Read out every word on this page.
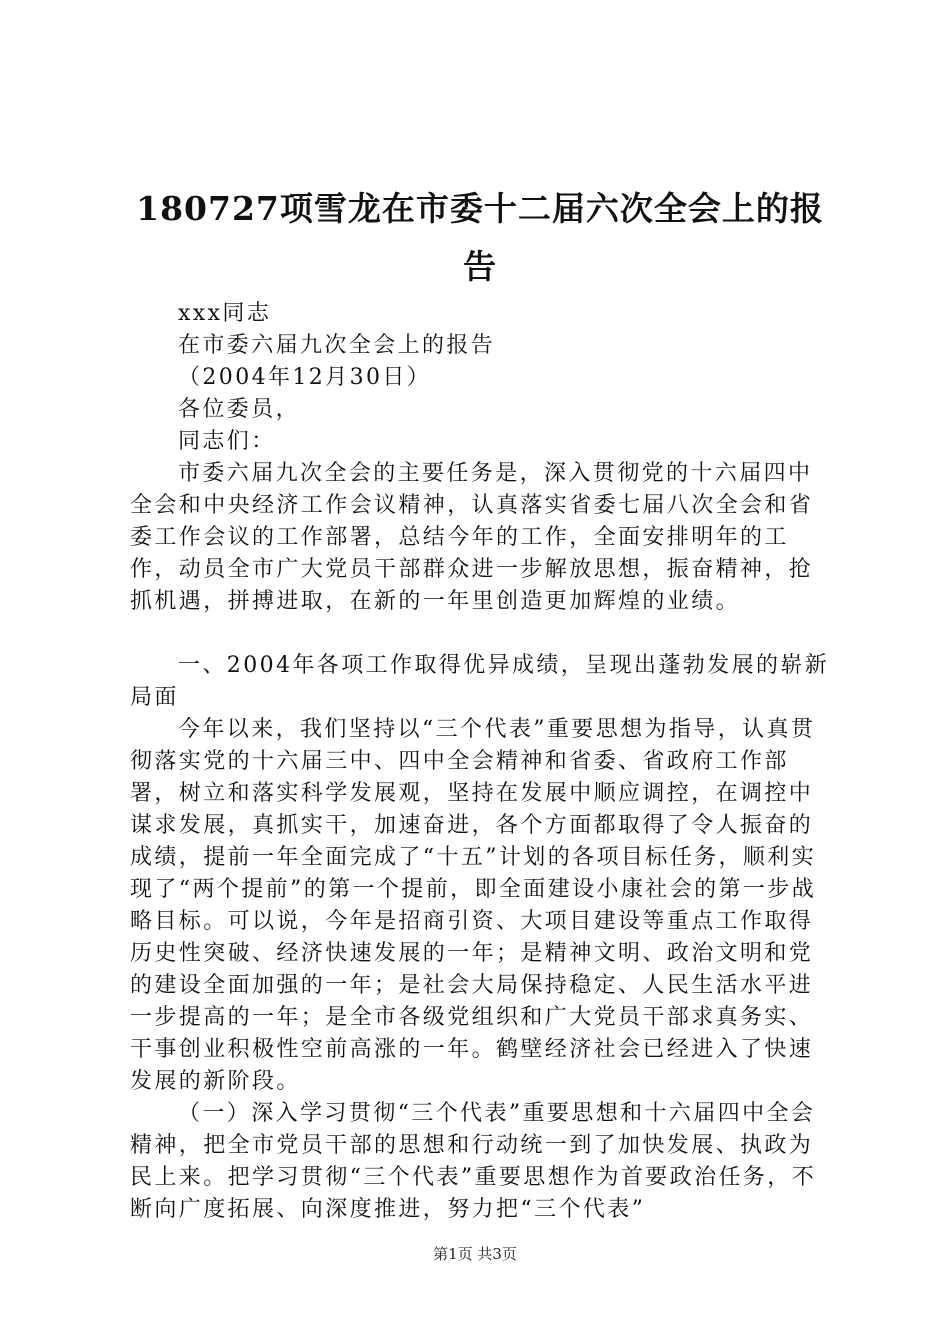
180727项雪龙在市委十二届六次全会上的报告

xxx同志

在市委六届九次全会上的报告

（2004年12月30日）

各位委员，

同志们：

市委六届九次全会的主要任务是，深入贯彻党的十六届四中全会和中央经济工作会议精神，认真落实省委七届八次全会和省委工作会议的工作部署，总结今年的工作，全面安排明年的工作，动员全市广大党员干部群众进一步解放思想，振奋精神，抢抓机遇，拼搏进取，在新的一年里创造更加辉煌的业绩。

一、2004年各项工作取得优异成绩，呈现出蓬勃发展的崭新局面

今年以来，我们坚持以“三个代表”重要思想为指导，认真贯彻落实党的十六届三中、四中全会精神和省委、省政府工作部署，树立和落实科学发展观，坚持在发展中顺应调控，在调控中谋求发展，真抓实干，加速奋进，各个方面都取得了令人振奋的成绩，提前一年全面完成了“十五”计划的各项目标任务，顺利实现了“两个提前”的第一个提前，即全面建设小康社会的第一步战略目标。可以说，今年是招商引资、大项目建设等重点工作取得历史性突破、经济快速发展的一年；是精神文明、政治文明和党的建设全面加强的一年；是社会大局保持稳定、人民生活水平进一步提高的一年；是全市各级党组织和广大党员干部求真务实、干事创业积极性空前高涨的一年。鹤壁经济社会已经进入了快速发展的新阶段。

（一）深入学习贯彻“三个代表”重要思想和十六届四中全会精神，把全市党员干部的思想和行动统一到了加快发展、执政为民上来。把学习贯彻“三个代表”重要思想作为首要政治任务，不断向广度拓展、向深度推进，努力把“三个代表”

第1页 共3页
